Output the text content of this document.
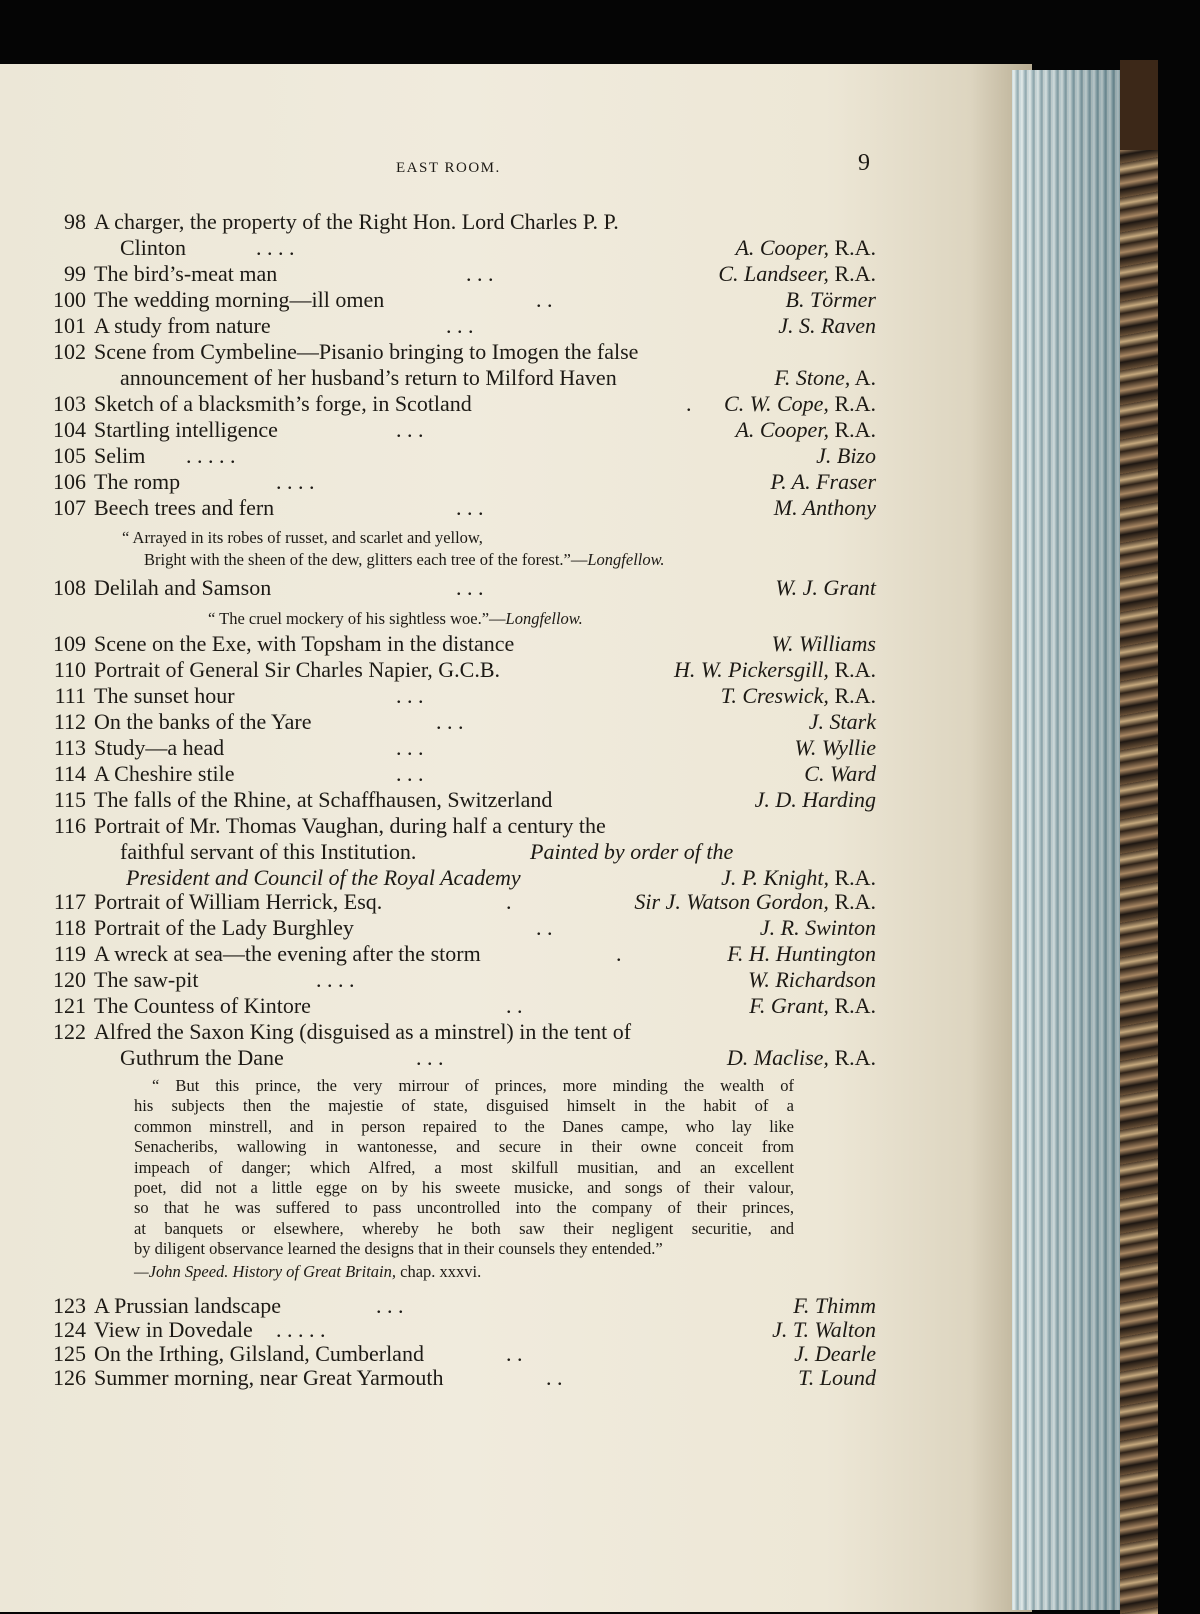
EAST ROOM.	9
98 A charger, the property of the Right Hon. Lord Charles P. P.
Clinton	. . . .	A. Cooper, R.A.
99 The bird’s-meat man	. . .	C. Landseer, R.A.
100 The wedding morning—ill omen	. .	B. Törmer
101 A study from nature	. . .	J. S. Raven
102 Scene from Cymbeline—Pisanio bringing to Imogen the false
announcement of her husband’s return to Milford Haven	F. Stone, A.
103 Sketch of a blacksmith’s forge, in Scotland	. C. W. Cope, R.A.
104 Startling intelligence	. . .	A. Cooper, R.A.
105 Selim . . . . .	J. Bizo
106 The romp	. . . .	P. A. Fraser
107 Beech trees and fern	. . .	M. Anthony
108 Delilah and Samson	. . .	W. J. Grant
109 Scene on the Exe, with Topsham in the distance	W. Williams
110 Portrait of General Sir Charles Napier, G.C.B.	H. W. Pickersgill, R.A.
111 The sunset hour	. . .	T. Creswick, R.A.
112 On the banks of the Yare	. . .	J. Stark
113 Study—a head	. . .	W. Wyllie
114 A Cheshire stile	. . .	C. Ward
115 The falls of the Rhine, at Schaffhausen, Switzerland	J. D. Harding
116 Portrait of Mr. Thomas Vaughan, during half a century the
faithful servant of this Institution.	Painted by order of the
President and Council of the Royal Academy	J. P. Knight, R.A.
117 Portrait of William Herrick, Esq.	.	Sir J. Watson Gordon, R.A.
118 Portrait of the Lady Burghley	. .	J. R. Swinton
119 A wreck at sea—the evening after the storm	.	F. H. Huntington
120 The saw-pit	. . . .	W. Richardson
121 The Countess of Kintore	. .	F. Grant, R.A.
122 Alfred the Saxon King (disguised as a minstrel) in the tent of
Guthrum the Dane	. . .	D. Maclise, R.A.
123 A Prussian landscape	. . .	F. Thimm
124 View in Dovedale . . . . .	J. T. Walton
125 On the Irthing, Gilsland, Cumberland	. .	J. Dearle
126 Summer morning, near Great Yarmouth	. .	T. Lound
“ Arrayed in its robes of russet, and scarlet and yellow,
Bright with the sheen of the dew, glitters each tree of the forest.”—Longfellow.
“ The cruel mockery of his sightless woe.”—Longfellow.
“ But this prince, the very mirrour of princes, more minding the wealth of
his subjects then the majestie of state, disguised himselt in the habit of a
common minstrell, and in person repaired to the Danes campe, who lay like
Senacheribs, wallowing in wantonesse, and secure in their owne conceit from
impeach of danger; which Alfred, a most skilfull musitian, and an excellent
poet, did not a little egge on by his sweete musicke, and songs of their valour,
so that he was suffered to pass uncontrolled into the company of their princes,
at banquets or elsewhere, whereby he both saw their negligent securitie, and
by diligent observance learned the designs that in their counsels they entended.”
—John Speed. History of Great Britain, chap. xxxvi.
